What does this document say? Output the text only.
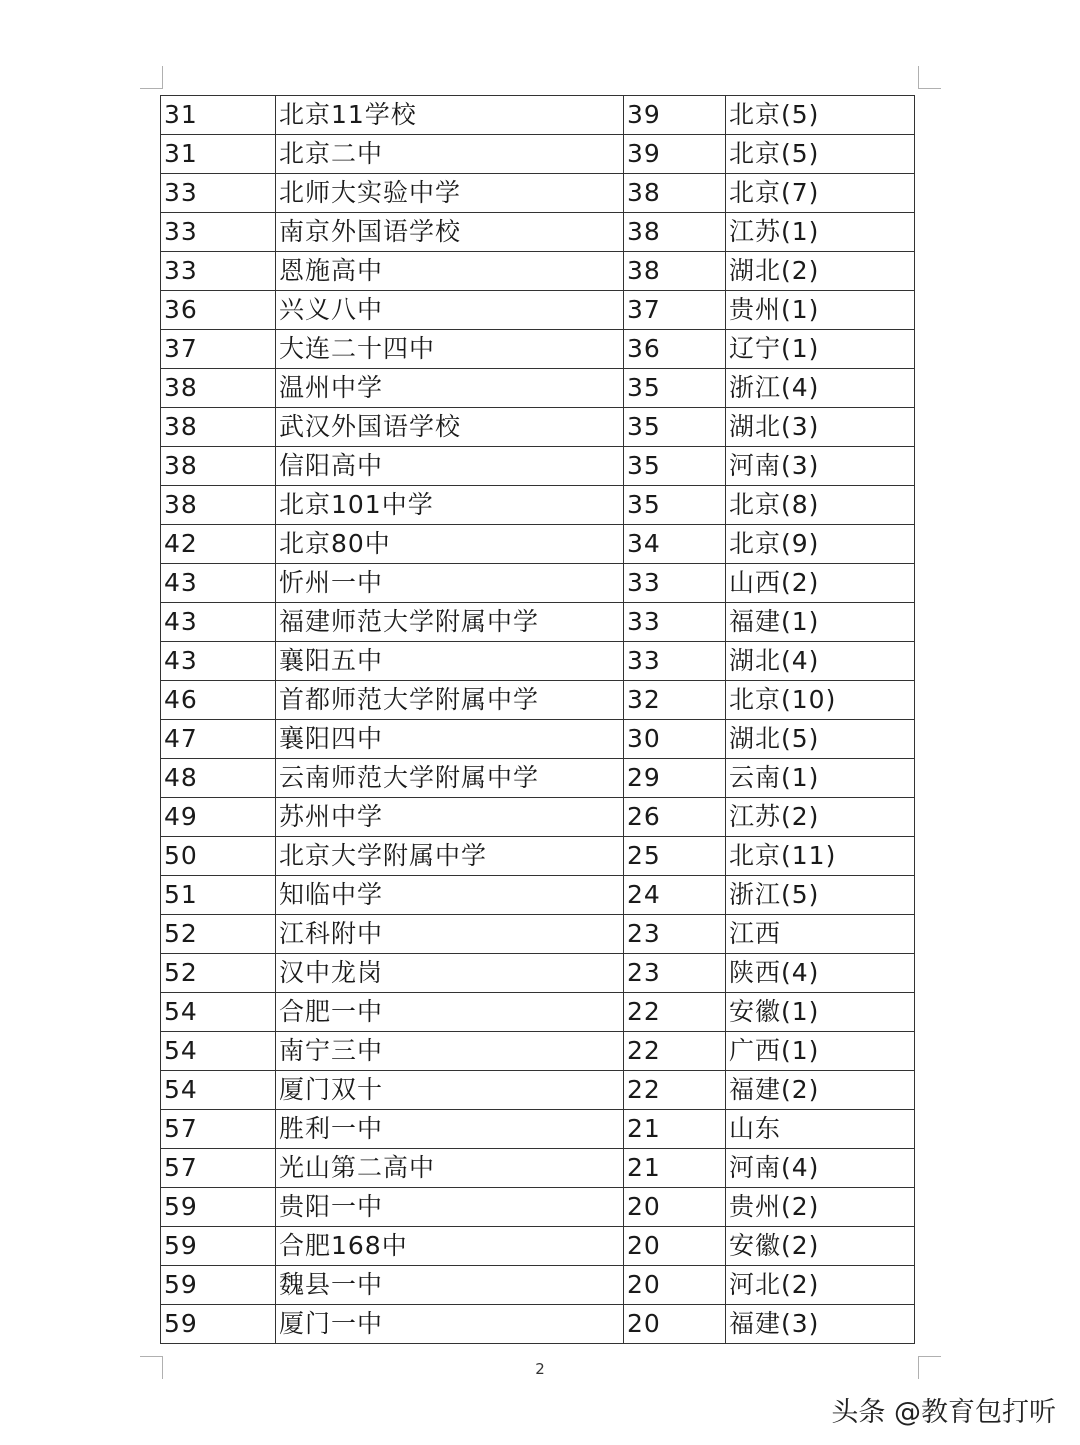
31	北京11学校	39	北京(5)
31	北京二中	39	北京(5)
33	北师大实验中学	38	北京(7)
33	南京外国语学校	38	江苏(1)
33	恩施高中	38	湖北(2)
36	兴义八中	37	贵州(1)
37	大连二十四中	36	辽宁(1)
38	温州中学	35	浙江(4)
38	武汉外国语学校	35	湖北(3)
38	信阳高中	35	河南(3)
38	北京101中学	35	北京(8)
42	北京80中	34	北京(9)
43	忻州一中	33	山西(2)
43	福建师范大学附属中学	33	福建(1)
43	襄阳五中	33	湖北(4)
46	首都师范大学附属中学	32	北京(10)
47	襄阳四中	30	湖北(5)
48	云南师范大学附属中学	29	云南(1)
49	苏州中学	26	江苏(2)
50	北京大学附属中学	25	北京(11)
51	知临中学	24	浙江(5)
52	江科附中	23	江西
52	汉中龙岗	23	陕西(4)
54	合肥一中	22	安徽(1)
54	南宁三中	22	广西(1)
54	厦门双十	22	福建(2)
57	胜利一中	21	山东
57	光山第二高中	21	河南(4)
59	贵阳一中	20	贵州(2)
59	合肥168中	20	安徽(2)
59	魏县一中	20	河北(2)
59	厦门一中	20	福建(3)
2
头条 @教育包打听
